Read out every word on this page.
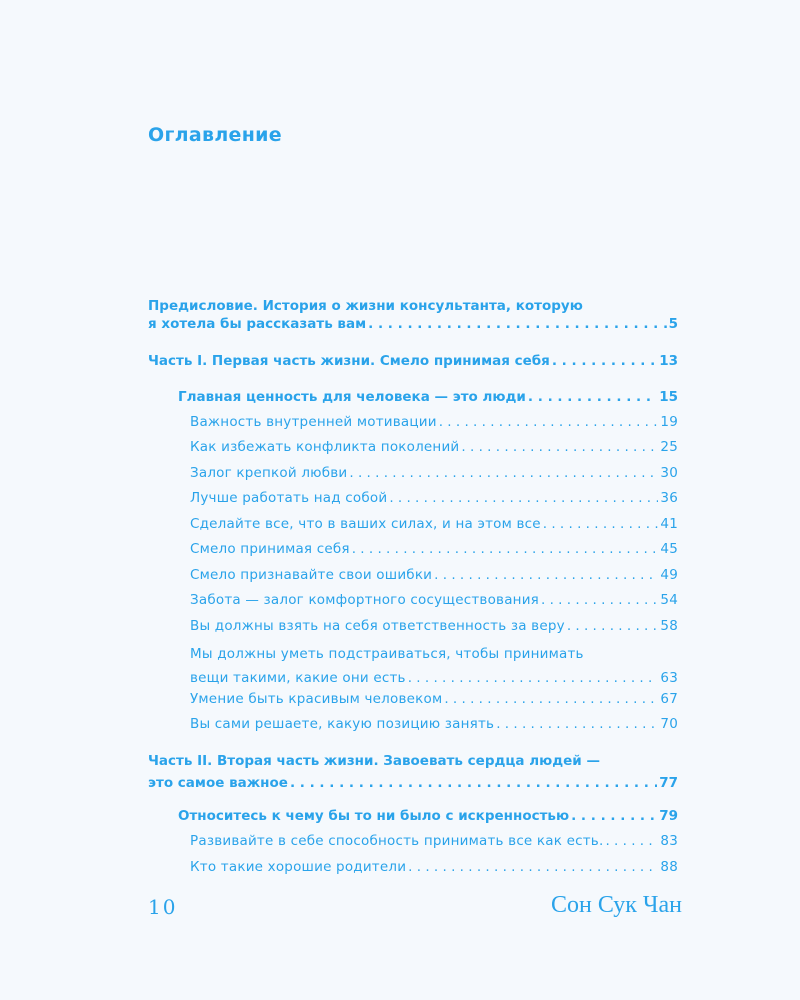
Оглавление
Предисловие. История о жизни консультанта, которую
я хотела бы рассказать вам . . .	5
Часть I. Первая часть жизни. Смело принимая себя . . .	13
Главная ценность для человека — это люди . . .	15
Важность внутренней мотивации . . .	19
Как избежать конфликта поколений . . .	25
Залог крепкой любви . . .	30
Лучше работать над собой . . .	36
Сделайте все, что в ваших силах, и на этом все . . .	41
Смело принимая себя . . .	45
Смело признавайте свои ошибки . . .	49
Забота — залог комфортного сосуществования . . .	54
Вы должны взять на себя ответственность за веру . . .	58
Мы должны уметь подстраиваться, чтобы принимать
вещи такими, какие они есть . . .	63
Умение быть красивым человеком . . .	67
Вы сами решаете, какую позицию занять . . .	70
Часть II. Вторая часть жизни. Завоевать сердца людей —
это самое важное . . .	77
Относитесь к чему бы то ни было с искренностью . . .	79
Развивайте в себе способность принимать все как есть. . . .	83
Кто такие хорошие родители . . .	88
10	Сон Сук Чан
